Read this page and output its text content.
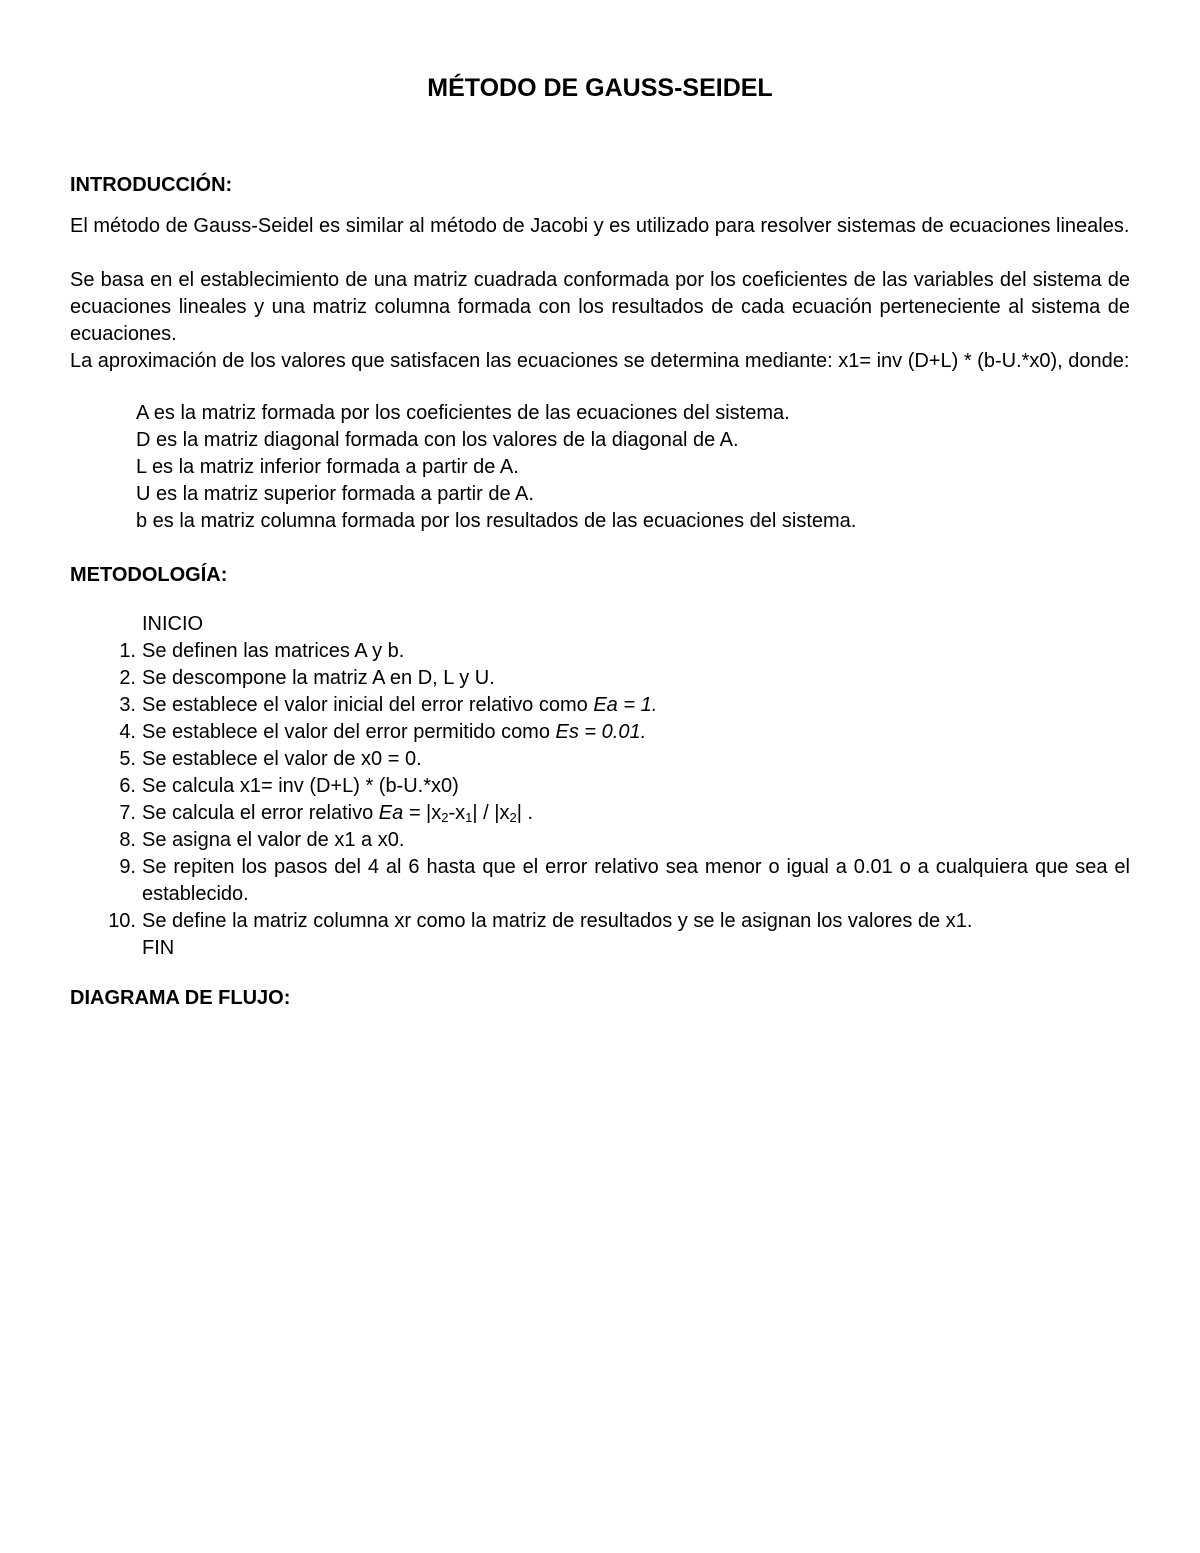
MÉTODO DE GAUSS-SEIDEL
INTRODUCCIÓN:

El método de Gauss-Seidel es similar al método de Jacobi y es utilizado para resolver sistemas de ecuaciones lineales.

Se basa en el establecimiento de una matriz cuadrada conformada por los coeficientes de las variables del sistema de ecuaciones lineales y una matriz columna formada con los resultados de cada ecuación perteneciente al sistema de ecuaciones.

La aproximación de los valores que satisfacen las ecuaciones se determina mediante: x1= inv (D+L) * (b-U.*x0), donde:

A es la matriz formada por los coeficientes de las ecuaciones del sistema.
D es la matriz diagonal formada con los valores de la diagonal de A.
L es la matriz inferior formada a partir de A.
U es la matriz superior formada a partir de A.
b es la matriz columna formada por los resultados de las ecuaciones del sistema.
METODOLOGÍA:
INICIO
1. Se definen las matrices A y b.
2. Se descompone la matriz A en D, L y U.
3. Se establece el valor inicial del error relativo como Ea = 1.
4. Se establece el valor del error permitido como Es = 0.01.
5. Se establece el valor de x0 = 0.
6. Se calcula x1= inv (D+L) * (b-U.*x0)
7. Se calcula el error relativo $Ea = |x_2-x_1| / |x_2|$ .
8. Se asigna el valor de x1 a x0.
9. Se repiten los pasos del 4 al 6 hasta que el error relativo sea menor o igual a 0.01 o a cualquiera que sea el establecido.
10. Se define la matriz columna xr como la matriz de resultados y se le asignan los valores de x1.
FIN
DIAGRAMA DE FLUJO:
